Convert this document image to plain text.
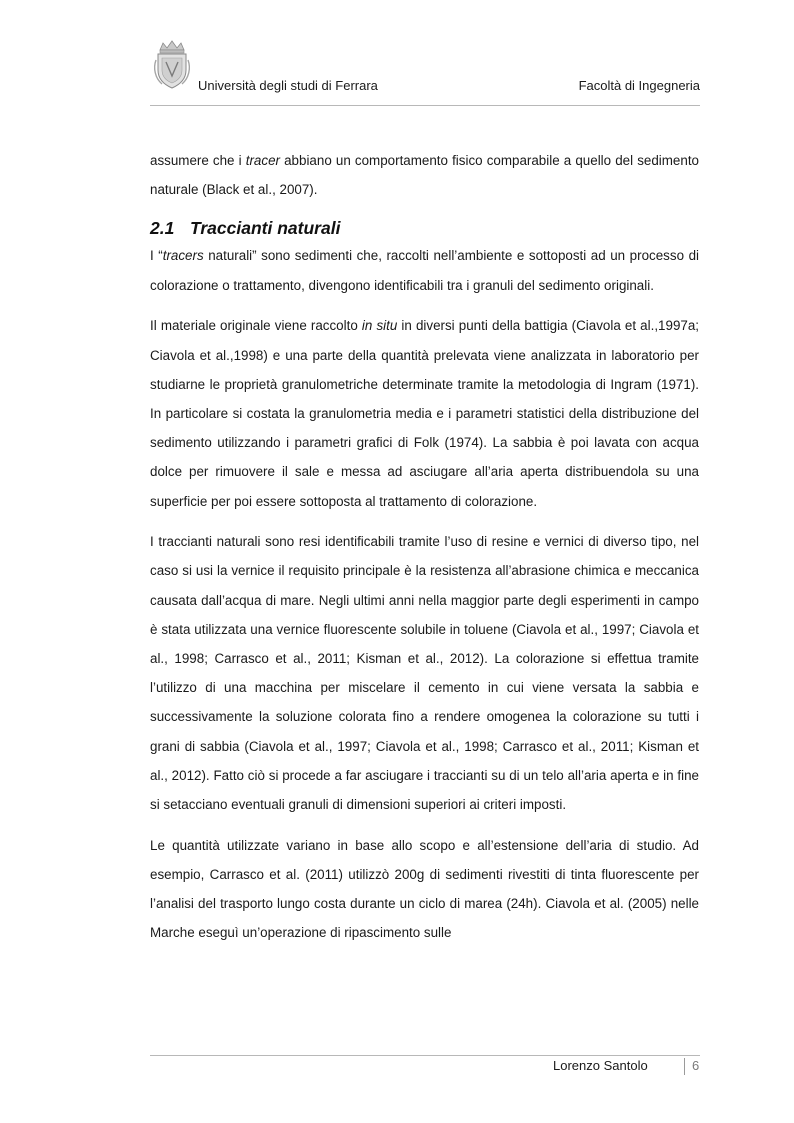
Università degli studi di Ferrara	Facoltà di Ingegneria

assumere che i tracer abbiano un comportamento fisico comparabile a quello del sedimento naturale (Black et al., 2007).

2.1 Traccianti naturali

I “tracers naturali” sono sedimenti che, raccolti nell’ambiente e sottoposti ad un processo di colorazione o trattamento, divengono identificabili tra i granuli del sedimento originali.

Il materiale originale viene raccolto in situ in diversi punti della battigia (Ciavola et al.,1997a; Ciavola et al.,1998) e una parte della quantità prelevata viene analizzata in laboratorio per studiarne le proprietà granulometriche determinate tramite la metodologia di Ingram (1971). In particolare si costata la granulometria media e i parametri statistici della distribuzione del sedimento utilizzando i parametri grafici di Folk (1974). La sabbia è poi lavata con acqua dolce per rimuovere il sale e messa ad asciugare all’aria aperta distribuendola su una superficie per poi essere sottoposta al trattamento di colorazione.

I traccianti naturali sono resi identificabili tramite l’uso di resine e vernici di diverso tipo, nel caso si usi la vernice il requisito principale è la resistenza all’abrasione chimica e meccanica causata dall’acqua di mare. Negli ultimi anni nella maggior parte degli esperimenti in campo è stata utilizzata una vernice fluorescente solubile in toluene (Ciavola et al., 1997; Ciavola et al., 1998; Carrasco et al., 2011; Kisman et al., 2012). La colorazione si effettua tramite l’utilizzo di una macchina per miscelare il cemento in cui viene versata la sabbia e successivamente la soluzione colorata fino a rendere omogenea la colorazione su tutti i grani di sabbia (Ciavola et al., 1997; Ciavola et al., 1998; Carrasco et al., 2011; Kisman et al., 2012). Fatto ciò si procede a far asciugare i traccianti su di un telo all’aria aperta e in fine si setacciano eventuali granuli di dimensioni superiori ai criteri imposti.

Le quantità utilizzate variano in base allo scopo e all’estensione dell’aria di studio. Ad esempio, Carrasco et al. (2011) utilizzò 200g di sedimenti rivestiti di tinta fluorescente per l’analisi del trasporto lungo costa durante un ciclo di marea (24h). Ciavola et al. (2005) nelle Marche eseguì un’operazione di ripascimento sulle

Lorenzo Santolo	6
